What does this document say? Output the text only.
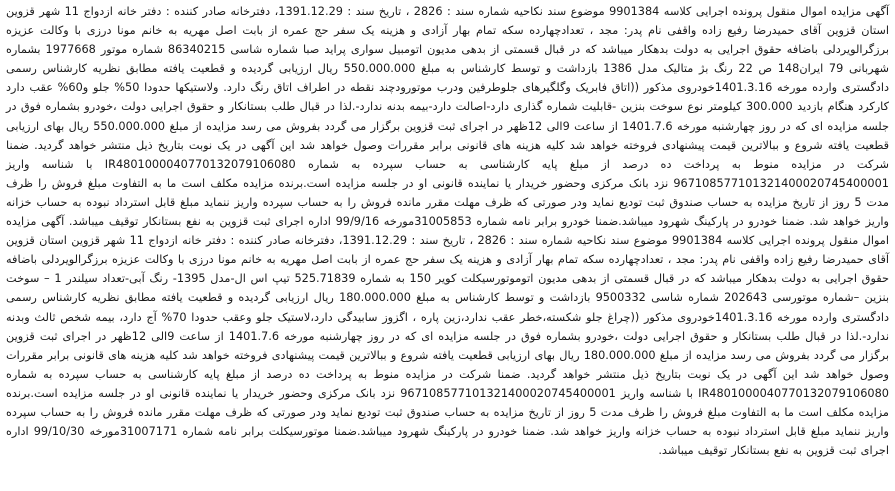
آگهی مزایده اموال منقول پرونده اجرایی کلاسه 9901384 موضوع سند نکاحیه شماره سند : 2826 ، تاریخ سند : 1391.12.29، دفترخانه صادر کننده : دفتر خانه ازدواج 11 شهر قزوین استان قزوین آقای حمیدرضا رفیع زاده واقفی نام پدر: مجد ، تعدادچهارده سکه تمام بهار آزادی و هزینه یک سفر حج عمره از بابت اصل مهریه به خانم مونا درزی با وکالت عزیزه برزگرالویردلی باضافه حقوق اجرایی به دولت بدهکار میباشد که در قبال قسمتی از بدهی مدیون اتومبیل سواری پراید صبا شماره شاسی 86340215 شماره موتور 1977668 بشماره شهربانی 79 ایران148 ص 22 رنگ بژ متالیک مدل 1386 بازداشت و توسط کارشناس به مبلغ 550.000.000 ریال ارزیابی گردیده و قطعیت یافته مطابق نظریه کارشناس رسمی دادگستری وارده مورخه 1401.3.16خودروی مذکور ((اتاق فابریک وگلگیرهای جلوطرفین ودرب موتورودچند نقطه در اطراف اتاق رنگ دارد. ولاستیکها حدودا 50% جلو و60% عقب دارد کارکرد هنگام بازدید 300.000 کیلومتر نوع سوخت بنزین -قابلیت شماره گذاری دارد-اصالت دارد-بیمه بدنه ندارد-.لذا در قبال طلب بستانکار و حقوق اجرایی دولت ،خودرو بشماره فوق در جلسه مزایده ای که در روز چهارشنبه مورخه 1401.7.6 از ساعت 9الی 12ظهر در اجرای ثبت قزوین برگزار می گردد بفروش می رسد مزایده از مبلغ 550.000.000 ریال بهای ارزیابی قطعیت یافته شروع و ببالاترین قیمت پیشنهادی فروخته خواهد شد کلیه هزینه های قانونی برابر مقررات وصول خواهد شد این آگهی در یک نوبت بتاریخ ذیل منتشر خواهد گردید. ضمنا شرکت در مزایده منوط به پرداخت ده درصد از مبلغ پایه کارشناسی به حساب سپرده به شماره IR480100004077013207910608​0 با شناسه واریز 967108577101321400020745400001 نزد بانک مرکزی وحضور خریدار یا نماینده قانونی او در جلسه مزایده است.برنده مزایده مکلف است ما به التفاوت مبلغ فروش را ظرف مدت 5 روز از تاریخ مزایده به حساب صندوق ثبت تودیع نماید ودر صورتی که ظرف مهلت مقرر مانده فروش را به حساب سپرده واریز ننماید مبلغ قابل استرداد نبوده به حساب خزانه واریز خواهد شد. ضمنا خودرو در پارکینگ شهرود میباشد.ضمنا خودرو برابر نامه شماره 31005853مورخه 99/9/16 اداره اجرای ثبت قزوین به نفع بستانکار توقیف میباشد. آگهی مزایده اموال منقول پرونده اجرایی کلاسه 9901384 موضوع سند نکاحیه شماره سند : 2826 ، تاریخ سند : 1391.12.29، دفترخانه صادر کننده : دفتر خانه ازدواج 11 شهر قزوین استان قزوین آقای حمیدرضا رفیع زاده واقفی نام پدر: مجد ، تعدادچهارده سکه تمام بهار آزادی و هزینه یک سفر حج عمره از بابت اصل مهریه به خانم مونا درزی با وکالت عزیزه برزگرالویردلی باضافه حقوق اجرایی به دولت بدهکار میباشد که در قبال قسمتی از بدهی مدیون اتوموتورسیکلت کویر 150 به شماره 525.71839 تیپ اس ال-مدل 1395- رنگ آبی-تعداد سیلندر 1 – سوخت بنزین –شماره موتورسی 202643 شماره شاسی 9500332 بازداشت و توسط کارشناس به مبلغ 180.000.000 ریال ارزیابی گردیده و قطعیت یافته مطابق نظریه کارشناس رسمی دادگستری وارده مورخه 1401.3.16خودروی مذکور ((چراغ جلو شکسته،خطر عقب ندارد،زین پاره ، اگزوز سابیدگی دارد،لاستیک جلو وعقب حدودا 70% آج دارد، بیمه شخص ثالث وبدنه ندارد-.لذا در قبال طلب بستانکار و حقوق اجرایی دولت ،خودرو بشماره فوق در جلسه مزایده ای که در روز چهارشنبه مورخه 1401.7.6 از ساعت 9الی 12ظهر در اجرای ثبت قزوین برگزار می گردد بفروش می رسد مزایده از مبلغ 180.000.000 ریال بهای ارزیابی قطعیت یافته شروع و ببالاترین قیمت پیشنهادی فروخته خواهد شد کلیه هزینه های قانونی برابر مقررات وصول خواهد شد این آگهی در یک نوبت بتاریخ ذیل منتشر خواهد گردید. ضمنا شرکت در مزایده منوط به پرداخت ده درصد از مبلغ پایه کارشناسی به حساب سپرده به شماره IR480100004077013207910608​0 با شناسه واریز 967108577101321400020745400001 نزد بانک مرکزی وحضور خریدار یا نماینده قانونی او در جلسه مزایده است.برنده مزایده مکلف است ما به التفاوت مبلغ فروش را ظرف مدت 5 روز از تاریخ مزایده به حساب صندوق ثبت تودیع نماید ودر صورتی که ظرف مهلت مقرر مانده فروش را به حساب سپرده واریز ننماید مبلغ قابل استرداد نبوده به حساب خزانه واریز خواهد شد. ضمنا خودرو در پارکینگ شهرود میباشد.ضمنا موتورسیکلت برابر نامه شماره 31007171مورخه 99/10/30 اداره اجرای ثبت قزوین به نفع بستانکار توقیف میباشد.
